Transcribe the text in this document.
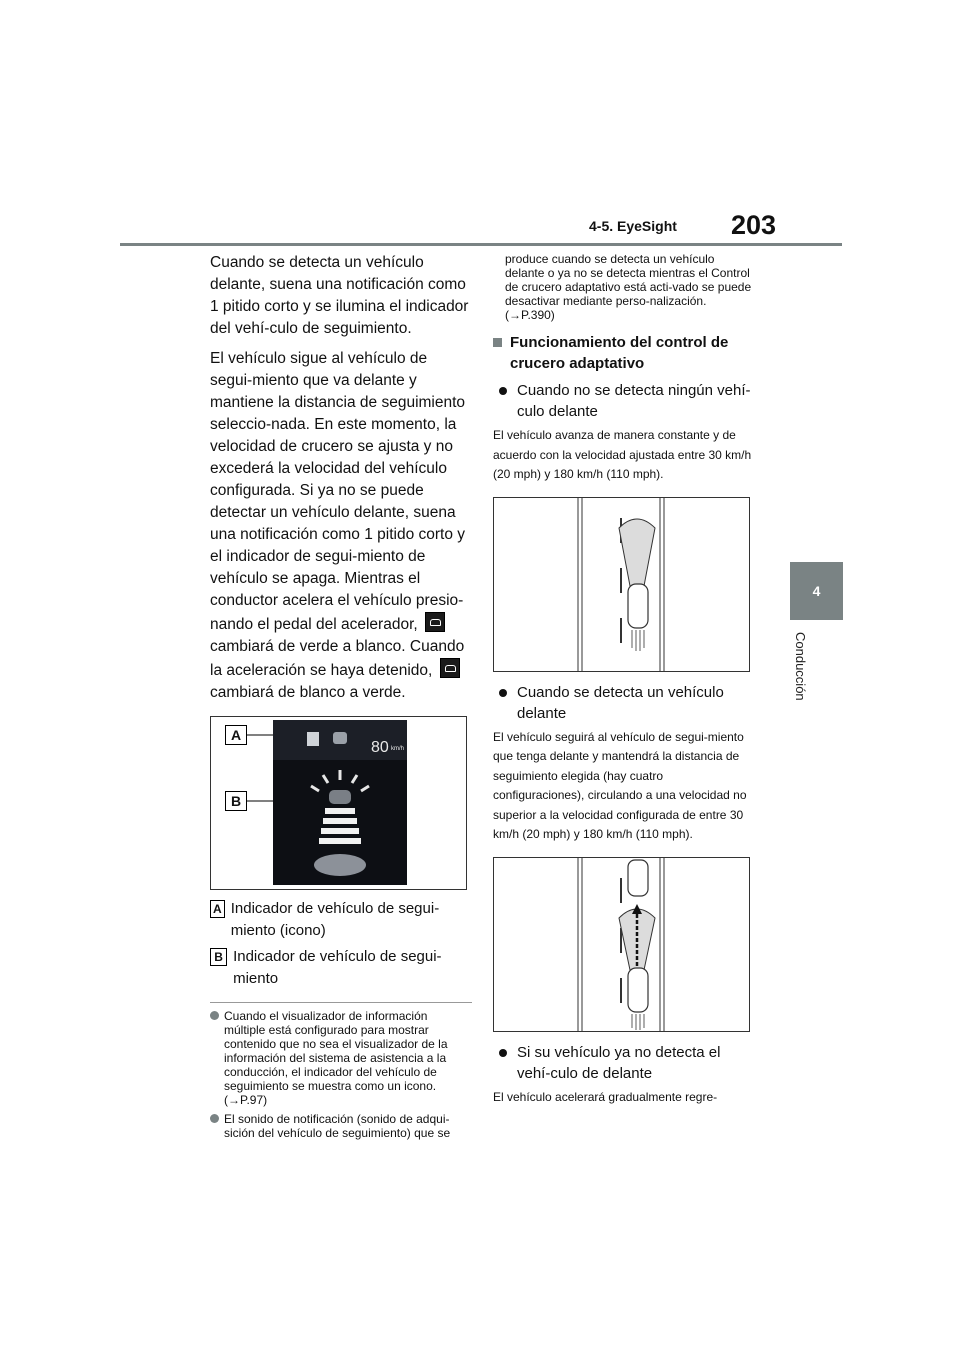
4-5. EyeSight 203
4
Conducción

Cuando se detecta un vehículo delante, suena una notificación como 1 pitido corto y se ilumina el indicador del vehí-culo de seguimiento.

El vehículo sigue al vehículo de segui-miento que va delante y mantiene la distancia de seguimiento seleccio-nada. En este momento, la velocidad de crucero se ajusta y no excederá la velocidad del vehículo configurada. Si ya no se puede detectar un vehículo delante, suena una notificación como 1 pitido corto y el indicador de segui-miento de vehículo se apaga. Mientras el conductor acelera el vehículo presio-nando el pedal del acelerador,  cambiará de verde a blanco. Cuando la aceleración se haya detenido,  cambiará de blanco a verde.

A
B
80 km/h
A Indicador de vehículo de segui-miento (icono)
B Indicador de vehículo de segui-miento
Cuando el visualizador de información múltiple está configurado para mostrar contenido que no sea el visualizador de la información del sistema de asistencia a la conducción, el indicador del vehículo de seguimiento se muestra como un icono. (→P.97)
El sonido de notificación (sonido de adqui-sición del vehículo de seguimiento) que se

produce cuando se detecta un vehículo delante o ya no se detecta mientras el Control de crucero adaptativo está acti-vado se puede desactivar mediante perso-nalización. (→P.390)

Funcionamiento del control de crucero adaptativo
Cuando no se detecta ningún vehí-culo delante

El vehículo avanza de manera constante y de acuerdo con la velocidad ajustada entre 30 km/h (20 mph) y 180 km/h (110 mph).

Cuando se detecta un vehículo delante

El vehículo seguirá al vehículo de segui-miento que tenga delante y mantendrá la distancia de seguimiento elegida (hay cuatro configuraciones), circulando a una velocidad no superior a la velocidad configurada de entre 30 km/h (20 mph) y 180 km/h (110 mph).

Si su vehículo ya no detecta el vehí-culo de delante

El vehículo acelerará gradualmente regre-
